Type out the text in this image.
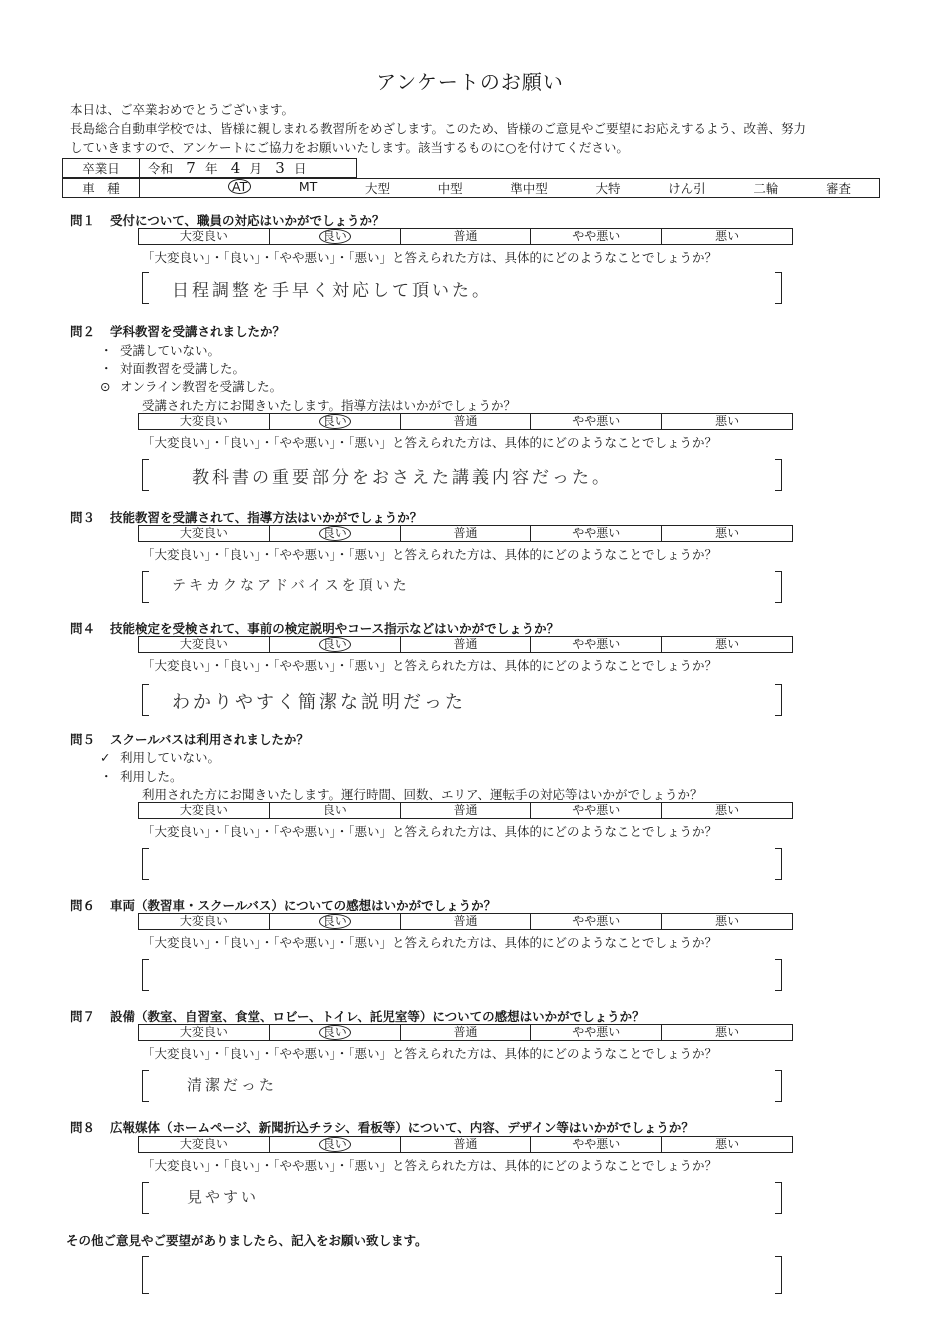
アンケートのお願い
本日は、ご卒業おめでとうございます。
長島総合自動車学校では、皆様に親しまれる教習所をめざします。このため、皆様のご意見やご要望にお応えするよう、改善、努力
していきますので、アンケートにご協力をお願いいたします。該当するものに○を付けてください。
卒業日	令和 7 年 4 月 3 日
車　種	AT	MT	大型	中型	準中型	大特	けん引	二輪	審査
問１ 受付について、職員の対応はいかがでしょうか？
大変良い	良い	普通	やや悪い	悪い
「大変良い」・「良い」・「やや悪い」・「悪い」と答えられた方は、具体的にどのようなことでしょうか？
日程調整を手早く対応して頂いた。
問２ 学科教習を受講されましたか？
・ 受講していない。
・ 対面教習を受講した。
⊙ オンライン教習を受講した。
受講された方にお聞きいたします。指導方法はいかがでしょうか？
大変良い	良い	普通	やや悪い	悪い
「大変良い」・「良い」・「やや悪い」・「悪い」と答えられた方は、具体的にどのようなことでしょうか？
教科書の重要部分をおさえた講義内容だった。
問３ 技能教習を受講されて、指導方法はいかがでしょうか？
大変良い	良い	普通	やや悪い	悪い
「大変良い」・「良い」・「やや悪い」・「悪い」と答えられた方は、具体的にどのようなことでしょうか？
テキカクなアドバイスを頂いた
問４ 技能検定を受検されて、事前の検定説明やコース指示などはいかがでしょうか？
大変良い	良い	普通	やや悪い	悪い
「大変良い」・「良い」・「やや悪い」・「悪い」と答えられた方は、具体的にどのようなことでしょうか？
わかりやすく簡潔な説明だった
問５ スクールバスは利用されましたか？
✓ 利用していない。
・ 利用した。
利用された方にお聞きいたします。運行時間、回数、エリア、運転手の対応等はいかがでしょうか？
大変良い	良い	普通	やや悪い	悪い
「大変良い」・「良い」・「やや悪い」・「悪い」と答えられた方は、具体的にどのようなことでしょうか？
問６ 車両（教習車・スクールバス）についての感想はいかがでしょうか？
大変良い	良い	普通	やや悪い	悪い
「大変良い」・「良い」・「やや悪い」・「悪い」と答えられた方は、具体的にどのようなことでしょうか？
問７ 設備（教室、自習室、食堂、ロビー、トイレ、託児室等）についての感想はいかがでしょうか？
大変良い	良い	普通	やや悪い	悪い
「大変良い」・「良い」・「やや悪い」・「悪い」と答えられた方は、具体的にどのようなことでしょうか？
清潔だった
問８ 広報媒体（ホームページ、新聞折込チラシ、看板等）について、内容、デザイン等はいかがでしょうか？
大変良い	良い	普通	やや悪い	悪い
「大変良い」・「良い」・「やや悪い」・「悪い」と答えられた方は、具体的にどのようなことでしょうか？
見やすい
その他ご意見やご要望がありましたら、記入をお願い致します。
